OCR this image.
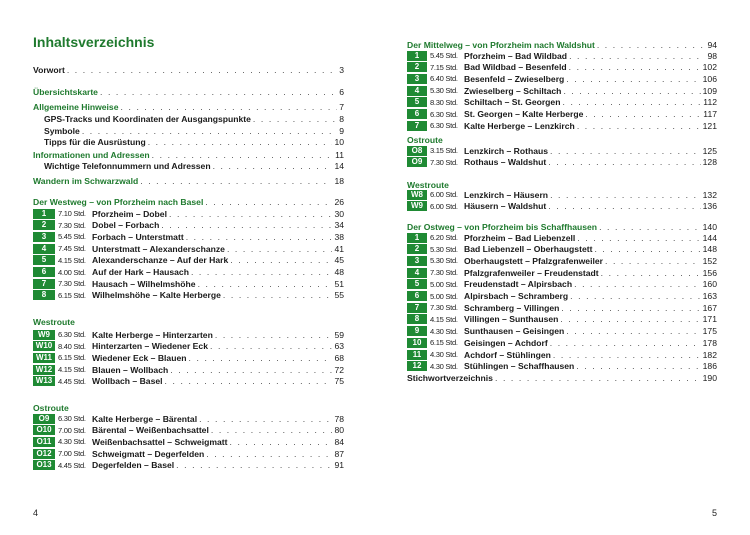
Inhaltsverzeichnis
Vorwort . . .	3
Übersichtskarte . . .	6
Allgemeine Hinweise . . .	7
GPS-Tracks und Koordinaten der Ausgangspunkte . . .	8
Symbole . . .	9
Tipps für die Ausrüstung . . .	10
Informationen und Adressen . . .	11
Wichtige Telefonnummern und Adressen . . .	14
Wandern im Schwarzwald . . .	18
Der Westweg – von Pforzheim nach Basel . . .	26
1	7.10 Std. Pforzheim – Dobel . . .	30
2	7.30 Std. Dobel – Forbach . . .	34
3	5.45 Std. Forbach – Unterstmatt . . .	38
4	7.45 Std. Unterstmatt – Alexanderschanze . . .	41
5	4.15 Std. Alexanderschanze – Auf der Hark . . .	45
6	4.00 Std. Auf der Hark – Hausach . . .	48
7	7.30 Std. Hausach – Wilhelmshöhe . . .	51
8	6.15 Std. Wilhelmshöhe – Kalte Herberge . . .	55
Westroute
W9	6.30 Std. Kalte Herberge – Hinterzarten . . .	59
W10 8.40 Std. Hinterzarten – Wiedener Eck . . .	63
W11 6.15 Std. Wiedener Eck – Blauen . . .	68
W12 4.15 Std. Blauen – Wollbach . . .	72
W13 4.45 Std. Wollbach – Basel . . .	75
Ostroute
O9	6.30 Std. Kalte Herberge – Bärental . . .	78
O10 7.00 Std. Bärental – Weißenbachsattel . . .	80
O11 4.30 Std. Weißenbachsattel – Schweigmatt . . .	84
O12 7.00 Std. Schweigmatt – Degerfelden . . .	87
O13 4.45 Std. Degerfelden – Basel . . .	91
4
Der Mittelweg – von Pforzheim nach Waldshut . . .	94
1	5.45 Std. Pforzheim – Bad Wildbad . . .	98
2	7.15 Std. Bad Wildbad – Besenfeld . . .	102
3	6.40 Std. Besenfeld – Zwieselberg . . .	106
4	5.30 Std. Zwieselberg – Schiltach . . .	109
5	8.30 Std. Schiltach – St. Georgen . . .	112
6	6.30 Std. St. Georgen – Kalte Herberge . . .	117
7	6.30 Std. Kalte Herberge – Lenzkirch . . .	121
Ostroute
O8	3.15 Std. Lenzkirch – Rothaus . . .	125
O9	7.30 Std. Rothaus – Waldshut . . .	128
Westroute
W8 6.00 Std. Lenzkirch – Häusern . . .	132
W9 6.00 Std. Häusern – Waldshut . . .	136
Der Ostweg – von Pforzheim bis Schaffhausen . . .	140
1	6.20 Std. Pforzheim – Bad Liebenzell . . .	144
2	5.30 Std. Bad Liebenzell – Oberhaugstett . . .	148
3	5.30 Std. Oberhaugstett – Pfalzgrafenweiler . . .	152
4	7.30 Std. Pfalzgrafenweiler – Freudenstadt . . .	156
5	5.00 Std. Freudenstadt – Alpirsbach . . .	160
6	5.00 Std. Alpirsbach – Schramberg . . .	163
7	7.30 Std. Schramberg – Villingen . . .	167
8	4.15 Std. Villingen – Sunthausen . . .	171
9	4.30 Std. Sunthausen – Geisingen . . .	175
10	6.15 Std. Geisingen – Achdorf . . .	178
11	4.30 Std. Achdorf – Stühlingen . . .	182
12	4.30 Std. Stühlingen – Schaffhausen . . .	186
Stichwortverzeichnis . . .	190
5
